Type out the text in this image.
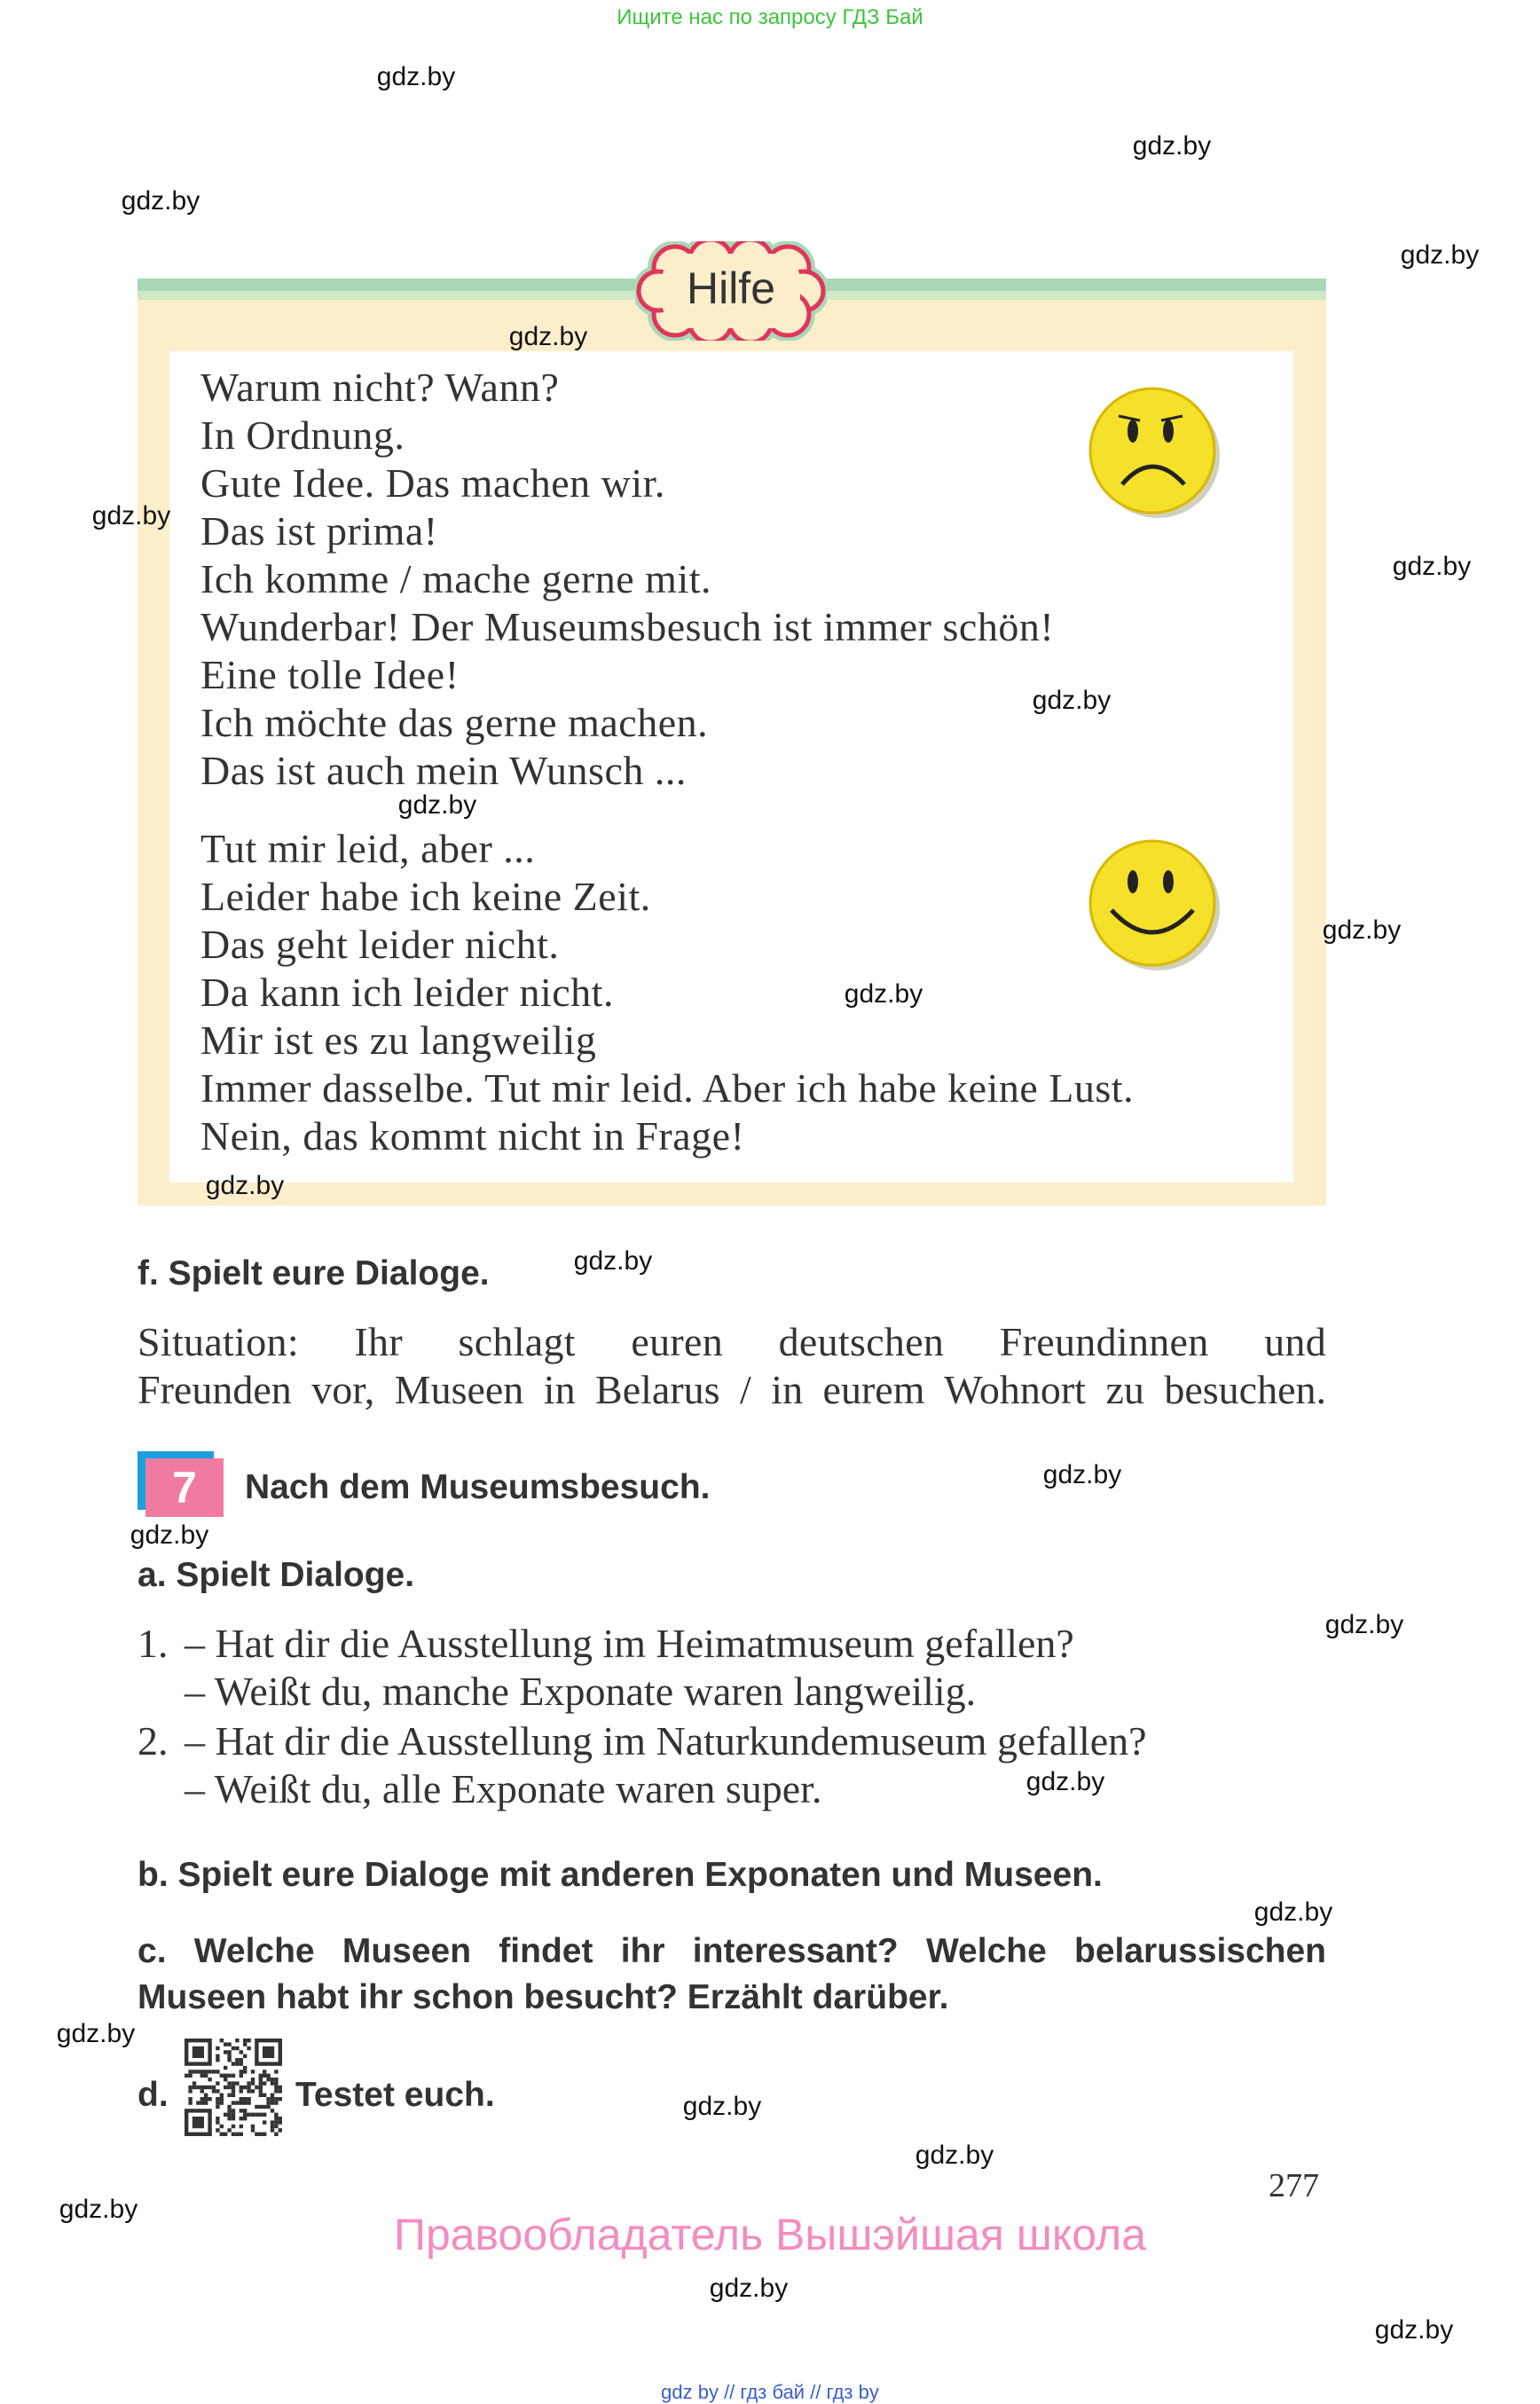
Ищите нас по запросу ГДЗ Бай
Hilfe
Warum nicht? Wann?
In Ordnung.
Gute Idee. Das machen wir.
Das ist prima!
Ich komme / mache gerne mit.
Wunderbar! Der Museumsbesuch ist immer schön!
Eine tolle Idee!
Ich möchte das gerne machen.
Das ist auch mein Wunsch ...
Tut mir leid, aber ...
Leider habe ich keine Zeit.
Das geht leider nicht.
Da kann ich leider nicht.
Mir ist es zu langweilig
Immer dasselbe. Tut mir leid. Aber ich habe keine Lust.
Nein, das kommt nicht in Frage!
f. Spielt eure Dialoge.
Situation: Ihr schlagt euren deutschen Freundinnen und
Freunden vor, Museen in Belarus / in eurem Wohnort zu besuchen.
7	Nach dem Museumsbesuch.
a. Spielt Dialoge.
1. – Hat dir die Ausstellung im Heimatmuseum gefallen?
– Weißt du, manche Exponate waren langweilig.
2. – Hat dir die Ausstellung im Naturkundemuseum gefallen?
– Weißt du, alle Exponate waren super.
b. Spielt eure Dialoge mit anderen Exponaten und Museen.
c. Welche Museen findet ihr interessant? Welche belarussischen
Museen habt ihr schon besucht? Erzählt darüber.
d.	Testet euch.
277
Правообладатель Вышэйшая школа
gdz by // гдз бай // гдз by
gdz.by
gdz.by
gdz.by
gdz.by
gdz.by
gdz.by
gdz.by
gdz.by
gdz.by
gdz.by
gdz.by
gdz.by
gdz.by
gdz.by
gdz.by
gdz.by
gdz.by
gdz.by
gdz.by
gdz.by
gdz.by
gdz.by
gdz.by
gdz.by
